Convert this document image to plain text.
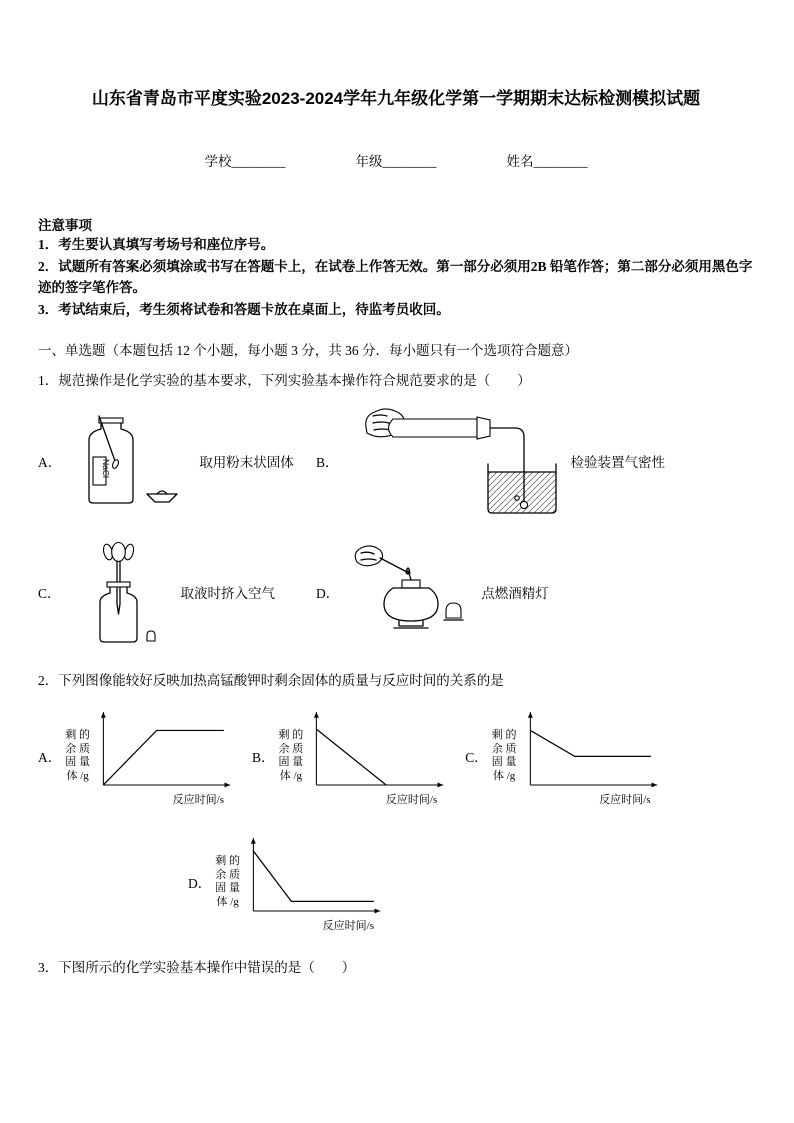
山东省青岛市平度实验2023-2024学年九年级化学第一学期期末达标检测模拟试题
学校________	年级________	姓名________
注意事项
1．考生要认真填写考场号和座位序号。
2．试题所有答案必须填涂或书写在答题卡上，在试卷上作答无效。第一部分必须用2B 铅笔作答；第二部分必须用黑色字迹的签字笔作答。
3．考试结束后，考生须将试卷和答题卡放在桌面上，待监考员收回。
一、单选题（本题包括 12 个小题，每小题 3 分，共 36 分．每小题只有一个选项符合题意）
1．规范操作是化学实验的基本要求，下列实验基本操作符合规范要求的是（　　）
A．	NaCl	取用粉末状固体 B．	检验装置气密性
C．	取液时挤入空气	D．	点燃酒精灯
2．下列图像能较好反映加热高锰酸钾时剩余固体的质量与反应时间的关系的是
A．

剩 的
余 质
固 量
体 /g

反应时间/s
B．

剩 的
余 质
固 量
体 /g

反应时间/s
C．

剩 的
余 质
固 量
体 /g

反应时间/s
D．

剩 的
余 质
固 量
体 /g

反应时间/s
3．下图所示的化学实验基本操作中错误的是（　　）
